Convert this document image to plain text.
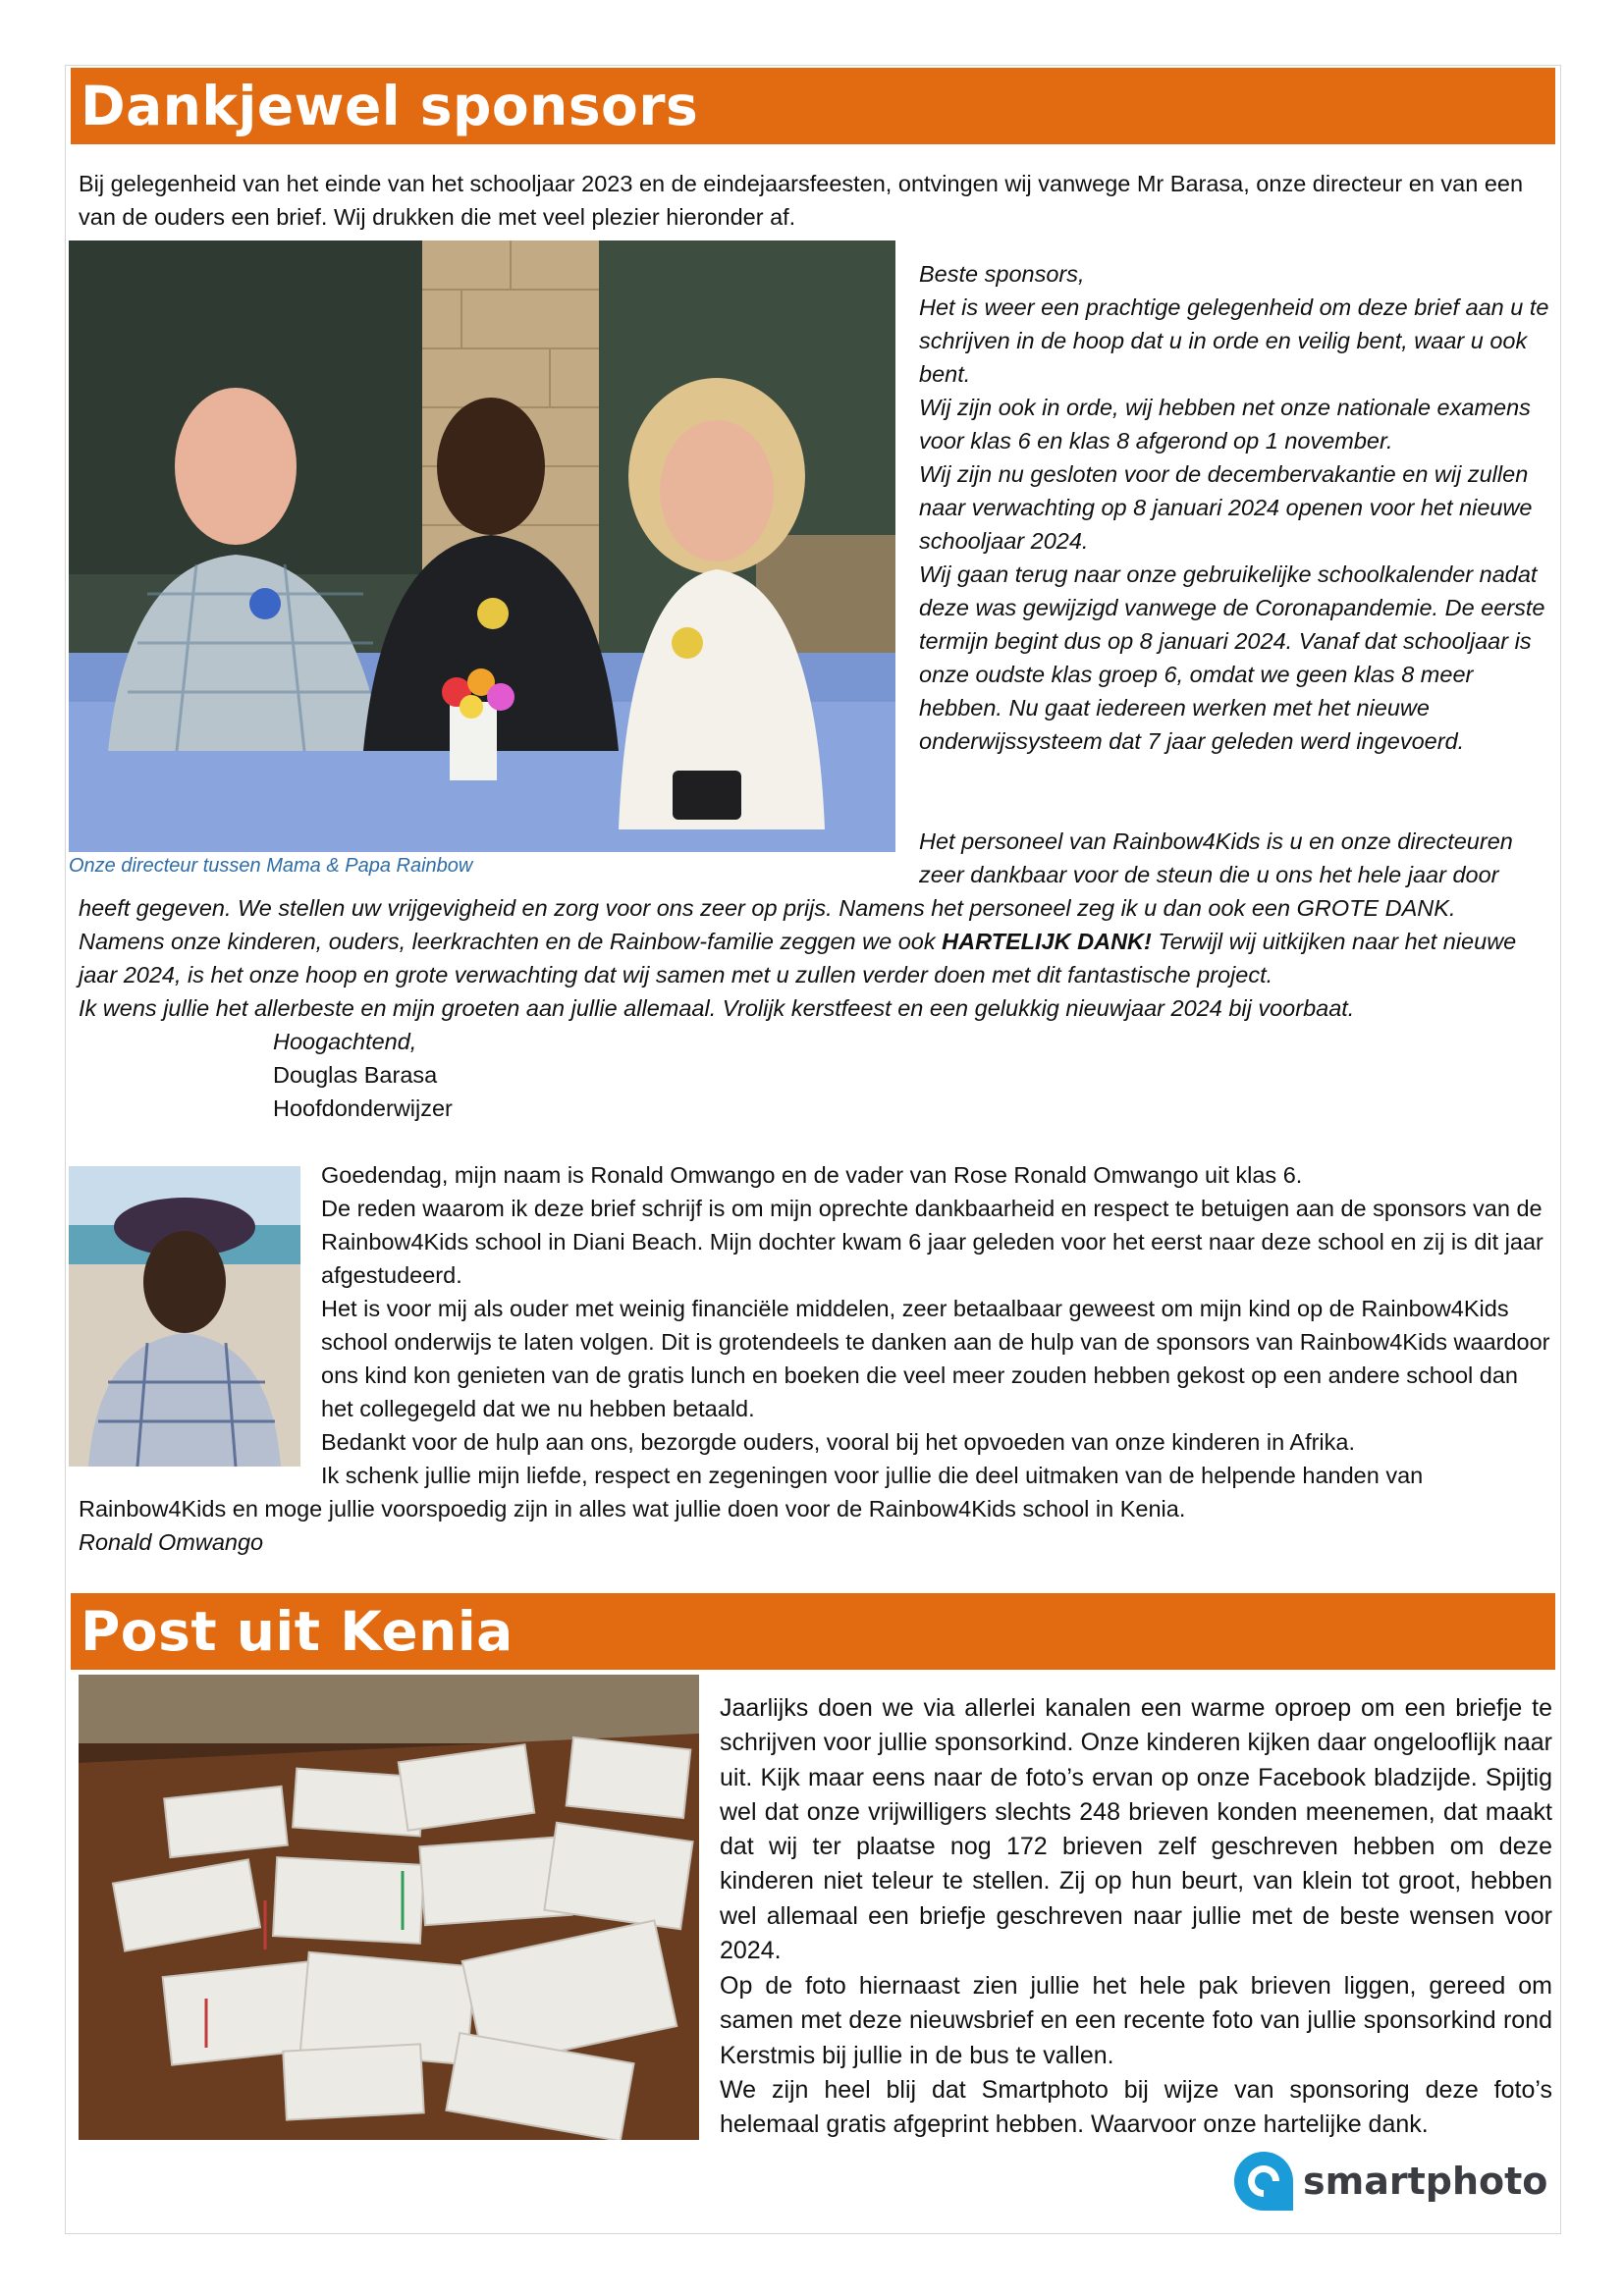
Dankjewel sponsors
Bij gelegenheid van het einde van het schooljaar 2023 en de eindejaarsfeesten, ontvingen wij vanwege Mr Barasa, onze directeur en van een van de ouders een brief. Wij drukken die met veel plezier hieronder af.
Onze directeur tussen Mama & Papa Rainbow
Beste sponsors,
Het is weer een prachtige gelegenheid om deze brief aan u te schrijven in de hoop dat u in orde en veilig bent, waar u ook bent.
Wij zijn ook in orde, wij hebben net onze nationale examens voor klas 6 en klas 8 afgerond op 1 november.
Wij zijn nu gesloten voor de decembervakantie en wij zullen naar verwachting op 8 januari 2024 openen voor het nieuwe schooljaar 2024.
Wij gaan terug naar onze gebruikelijke schoolkalender nadat deze was gewijzigd vanwege de Coronapandemie. De eerste termijn begint dus op 8 januari 2024. Vanaf dat schooljaar is onze oudste klas groep 6, omdat we geen klas 8 meer hebben. Nu gaat iedereen werken met het nieuwe onderwijssysteem dat 7 jaar geleden werd ingevoerd.
Het personeel van Rainbow4Kids is u en onze directeuren zeer dankbaar voor de steun die u ons het hele jaar door
heeft gegeven. We stellen uw vrijgevigheid en zorg voor ons zeer op prijs. Namens het personeel zeg ik u dan ook een GROTE DANK.
Namens onze kinderen, ouders, leerkrachten en de Rainbow-familie zeggen we ook HARTELIJK DANK! Terwijl wij uitkijken naar het nieuwe jaar 2024, is het onze hoop en grote verwachting dat wij samen met u zullen verder doen met dit fantastische project.
Ik wens jullie het allerbeste en mijn groeten aan jullie allemaal. Vrolijk kerstfeest en een gelukkig nieuwjaar 2024 bij voorbaat.
Hoogachtend,
Douglas Barasa
Hoofdonderwijzer
Goedendag, mijn naam is Ronald Omwango en de vader van Rose Ronald Omwango uit klas 6.
De reden waarom ik deze brief schrijf is om mijn oprechte dankbaarheid en respect te betuigen aan de sponsors van de Rainbow4Kids school in Diani Beach. Mijn dochter kwam 6 jaar geleden voor het eerst naar deze school en zij is dit jaar afgestudeerd.
Het is voor mij als ouder met weinig financiële middelen, zeer betaalbaar geweest om mijn kind op de Rainbow4Kids school onderwijs te laten volgen. Dit is grotendeels te danken aan de hulp van de sponsors van Rainbow4Kids waardoor ons kind kon genieten van de gratis lunch en boeken die veel meer zouden hebben gekost op een andere school dan het collegegeld dat we nu hebben betaald.
Bedankt voor de hulp aan ons, bezorgde ouders, vooral bij het opvoeden van onze kinderen in Afrika.
Ik schenk jullie mijn liefde, respect en zegeningen voor jullie die deel uitmaken van de helpende handen van
Rainbow4Kids en moge jullie voorspoedig zijn in alles wat jullie doen voor de Rainbow4Kids school in Kenia.
Ronald Omwango
Post uit Kenia
Jaarlijks doen we via allerlei kanalen een warme oproep om een briefje te schrijven voor jullie sponsorkind. Onze kinderen kijken daar ongelooflijk naar uit. Kijk maar eens naar de foto’s ervan op onze Facebook bladzijde. Spijtig wel dat onze vrijwilligers slechts 248 brieven konden meenemen, dat maakt dat wij ter plaatse nog 172 brieven zelf geschreven hebben om deze kinderen niet teleur te stellen. Zij op hun beurt, van klein tot groot, hebben wel allemaal een briefje geschreven naar jullie met de beste wensen voor 2024.
Op de foto hiernaast zien jullie het hele pak brieven liggen, gereed om samen met deze nieuwsbrief en een recente foto van jullie sponsorkind rond Kerstmis bij jullie in de bus te vallen.
We zijn heel blij dat Smartphoto bij wijze van sponsoring deze foto’s helemaal gratis afgeprint hebben. Waarvoor onze hartelijke dank.
smartphoto
